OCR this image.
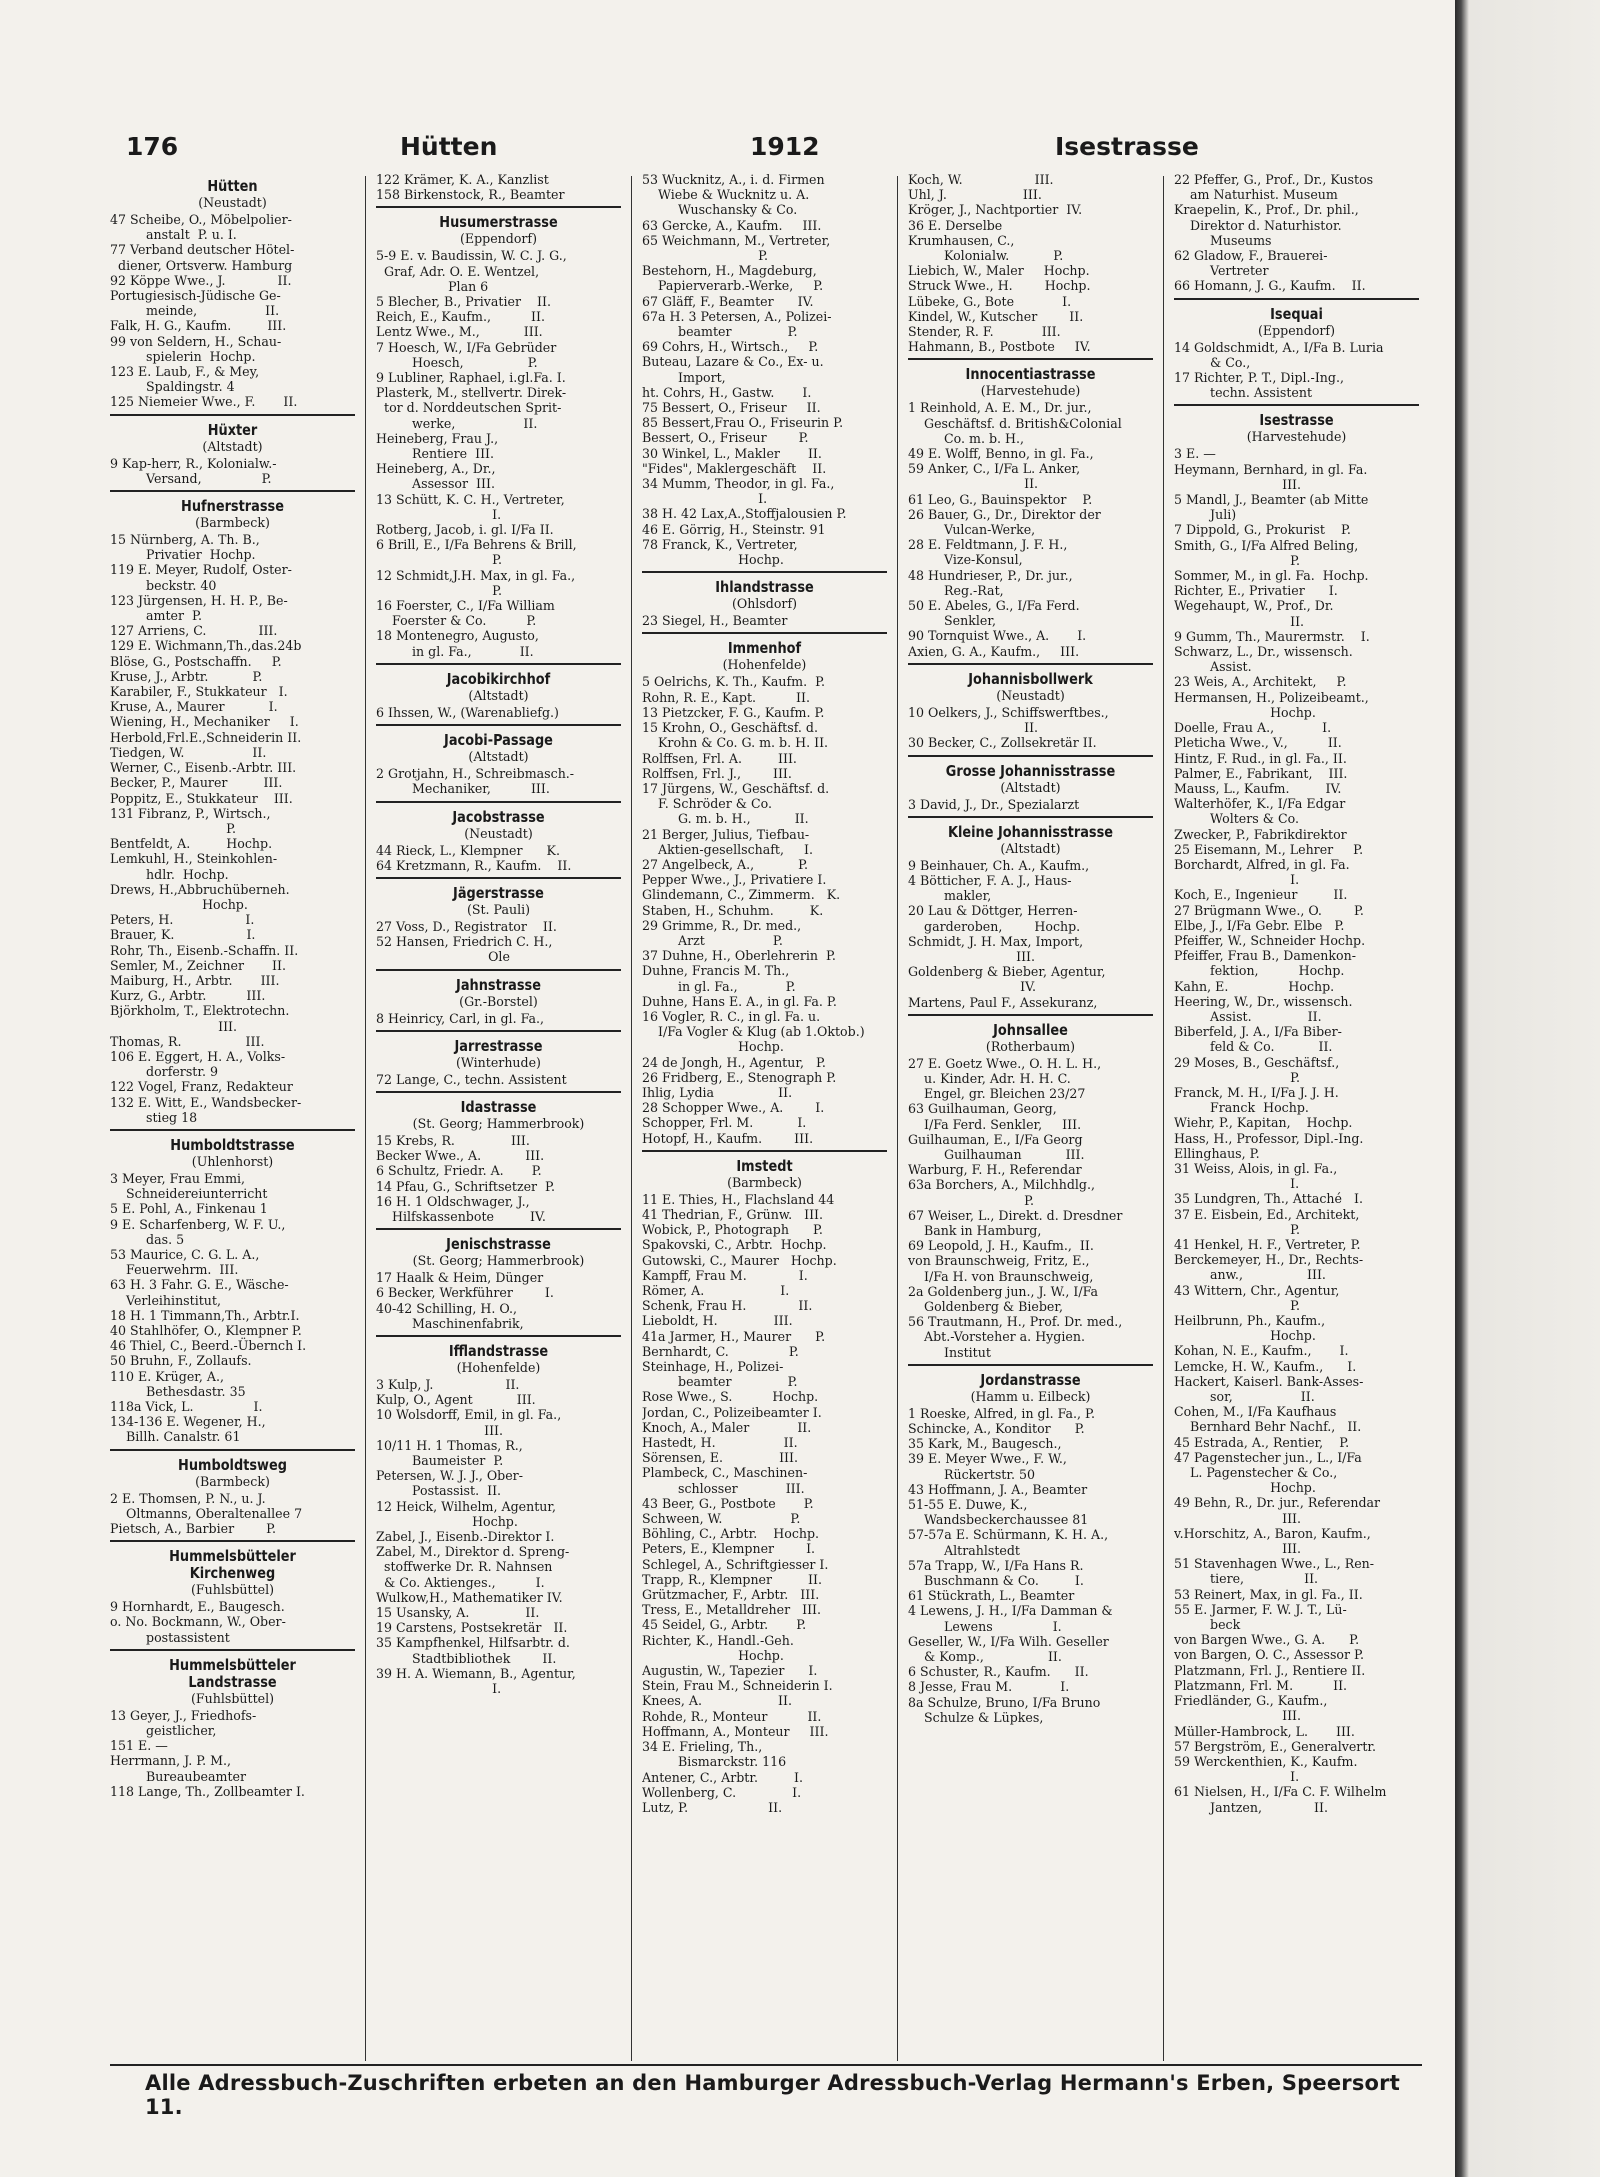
176	Hütten	1912	Isestrasse
Hütten
(Neustadt)
47 Scheibe, O., Möbelpolier-
anstalt  P. u. I.
77 Verband deutscher Hötel-
diener, Ortsverw. Hamburg
92 Köppe Wwe., J.             II.
Portugiesisch-Jüdische Ge-
meinde,                 II.
Falk, H. G., Kaufm.         III.
99 von Seldern, H., Schau-
spielerin  Hochp.
123 E. Laub, F., & Mey,
Spaldingstr. 4
125 Niemeier Wwe., F.       II.
Hüxter
(Altstadt)
9 Kap-herr, R., Kolonialw.-
Versand,               P.
Hufnerstrasse
(Barmbeck)
15 Nürnberg, A. Th. B.,
Privatier  Hochp.
119 E. Meyer, Rudolf, Oster-
beckstr. 40
123 Jürgensen, H. H. P., Be-
amter  P.
127 Arriens, C.             III.
129 E. Wichmann,Th.,das.24b
Blöse, G., Postschaffn.     P.
Kruse, J., Arbtr.           P.
Karabiler, F., Stukkateur   I.
Kruse, A., Maurer           I.
Wiening, H., Mechaniker     I.
Herbold,Frl.E.,Schneiderin II.
Tiedgen, W.                 II.
Werner, C., Eisenb.-Arbtr. III.
Becker, P., Maurer         III.
Poppitz, E., Stukkateur    III.
131 Fibranz, P., Wirtsch.,
P.
Bentfeldt, A.         Hochp.
Lemkuhl, H., Steinkohlen-
hdlr.  Hochp.
Drews, H.,Abbruchüberneh.
Hochp.
Peters, H.                  I.
Brauer, K.                  I.
Rohr, Th., Eisenb.-Schaffn. II.
Semler, M., Zeichner       II.
Maiburg, H., Arbtr.       III.
Kurz, G., Arbtr.          III.
Björkholm, T., Elektrotechn.
III.
Thomas, R.                III.
106 E. Eggert, H. A., Volks-
dorferstr. 9
122 Vogel, Franz, Redakteur
132 E. Witt, E., Wandsbecker-
stieg 18
Humboldtstrasse
(Uhlenhorst)
3 Meyer, Frau Emmi,
Schneidereiunterricht
5 E. Pohl, A., Finkenau 1
9 E. Scharfenberg, W. F. U.,
das. 5
53 Maurice, C. G. L. A.,
Feuerwehrm.  III.
63 H. 3 Fahr. G. E., Wäsche-
Verleihinstitut,
18 H. 1 Timmann,Th., Arbtr.I.
40 Stahlhöfer, O., Klempner P.
46 Thiel, C., Beerd.-Übernch I.
50 Bruhn, F., Zollaufs.
110 E. Krüger, A.,
Bethesdastr. 35
118a Vick, L.               I.
134-136 E. Wegener, H.,
Billh. Canalstr. 61
Humboldtsweg
(Barmbeck)
2 E. Thomsen, P. N., u. J.
Oltmanns, Oberaltenallee 7
Pietsch, A., Barbier        P.
Hummelsbütteler Kirchenweg
(Fuhlsbüttel)
9 Hornhardt, E., Baugesch.
o. No. Bockmann, W., Ober-
postassistent
Hummelsbütteler Landstrasse
(Fuhlsbüttel)
13 Geyer, J., Friedhofs-
geistlicher,
151 E. —
Herrmann, J. P. M.,
Bureaubeamter
118 Lange, Th., Zollbeamter I.
122 Krämer, K. A., Kanzlist
158 Birkenstock, R., Beamter
Husumerstrasse
(Eppendorf)
5-9 E. v. Baudissin, W. C. J. G.,
Graf, Adr. O. E. Wentzel,
Plan 6
5 Blecher, B., Privatier    II.
Reich, E., Kaufm.,          II.
Lentz Wwe., M.,           III.
7 Hoesch, W., I/Fa Gebrüder
Hoesch,                P.
9 Lubliner, Raphael, i.gl.Fa. I.
Plasterk, M., stellvertr. Direk-
tor d. Norddeutschen Sprit-
werke,                 II.
Heineberg, Frau J.,
Rentiere  III.
Heineberg, A., Dr.,
Assessor  III.
13 Schütt, K. C. H., Vertreter,
I.
Rotberg, Jacob, i. gl. I/Fa II.
6 Brill, E., I/Fa Behrens & Brill,
P.
12 Schmidt,J.H. Max, in gl. Fa.,
P.
16 Foerster, C., I/Fa William
Foerster & Co.          P.
18 Montenegro, Augusto,
in gl. Fa.,            II.
Jacobikirchhof
(Altstadt)
6 Ihssen, W., (Warenabliefg.)
Jacobi-Passage
(Altstadt)
2 Grotjahn, H., Schreibmasch.-
Mechaniker,          III.
Jacobstrasse
(Neustadt)
44 Rieck, L., Klempner      K.
64 Kretzmann, R., Kaufm.    II.
Jägerstrasse
(St. Pauli)
27 Voss, D., Registrator    II.
52 Hansen, Friedrich C. H.,
Ole
Jahnstrasse
(Gr.-Borstel)
8 Heinricy, Carl, in gl. Fa.,
Jarrestrasse
(Winterhude)
72 Lange, C., techn. Assistent
Idastrasse
(St. Georg; Hammerbrook)
15 Krebs, R.              III.
Becker Wwe., A.           III.
6 Schultz, Friedr. A.       P.
14 Pfau, G., Schriftsetzer  P.
16 H. 1 Oldschwager, J.,
Hilfskassenbote         IV.
Jenischstrasse
(St. Georg; Hammerbrook)
17 Haalk & Heim, Dünger
6 Becker, Werkführer        I.
40-42 Schilling, H. O.,
Maschinenfabrik,
Ifflandstrasse
(Hohenfelde)
3 Kulp, J.                  II.
Kulp, O., Agent           III.
10 Wolsdorff, Emil, in gl. Fa.,
III.
10/11 H. 1 Thomas, R.,
Baumeister  P.
Petersen, W. J. J., Ober-
Postassist.  II.
12 Heick, Wilhelm, Agentur,
Hochp.
Zabel, J., Eisenb.-Direktor I.
Zabel, M., Direktor d. Spreng-
stoffwerke Dr. R. Nahnsen
& Co. Aktienges.,          I.
Wulkow,H., Mathematiker IV.
15 Usansky, A.              II.
19 Carstens, Postsekretär   II.
35 Kampfhenkel, Hilfsarbtr. d.
Stadtbibliothek        II.
39 H. A. Wiemann, B., Agentur,
I.
53 Wucknitz, A., i. d. Firmen
Wiebe & Wucknitz u. A.
Wuschansky & Co.
63 Gercke, A., Kaufm.     III.
65 Weichmann, M., Vertreter,
P.
Bestehorn, H., Magdeburg,
Papierverarb.-Werke,     P.
67 Gläff, F., Beamter      IV.
67a H. 3 Petersen, A., Polizei-
beamter              P.
69 Cohrs, H., Wirtsch.,     P.
Buteau, Lazare & Co., Ex- u.
Import,
ht. Cohrs, H., Gastw.       I.
75 Bessert, O., Friseur     II.
85 Bessert,Frau O., Friseurin P.
Bessert, O., Friseur        P.
30 Winkel, L., Makler       II.
"Fides", Maklergeschäft    II.
34 Mumm, Theodor, in gl. Fa.,
I.
38 H. 42 Lax,A.,Stoffjalousien P.
46 E. Görrig, H., Steinstr. 91
78 Franck, K., Vertreter,
Hochp.
Ihlandstrasse
(Ohlsdorf)
23 Siegel, H., Beamter
Immenhof
(Hohenfelde)
5 Oelrichs, K. Th., Kaufm.  P.
Rohn, R. E., Kapt.          II.
13 Pietzcker, F. G., Kaufm. P.
15 Krohn, O., Geschäftsf. d.
Krohn & Co. G. m. b. H. II.
Rolffsen, Frl. A.         III.
Rolffsen, Frl. J.,        III.
17 Jürgens, W., Geschäftsf. d.
F. Schröder & Co.
G. m. b. H.,           II.
21 Berger, Julius, Tiefbau-
Aktien-gesellschaft,     I.
27 Angelbeck, A.,           P.
Pepper Wwe., J., Privatiere I.
Glindemann, C., Zimmerm.   K.
Staben, H., Schuhm.         K.
29 Grimme, R., Dr. med.,
Arzt                 P.
37 Duhne, H., Oberlehrerin  P.
Duhne, Francis M. Th.,
in gl. Fa.,            P.
Duhne, Hans E. A., in gl. Fa. P.
16 Vogler, R. C., in gl. Fa. u.
I/Fa Vogler & Klug (ab 1.Oktob.)
Hochp.
24 de Jongh, H., Agentur,   P.
26 Fridberg, E., Stenograph P.
Ihlig, Lydia                II.
28 Schopper Wwe., A.        I.
Schopper, Frl. M.           I.
Hotopf, H., Kaufm.        III.
Imstedt
(Barmbeck)
11 E. Thies, H., Flachsland 44
41 Thedrian, F., Grünw.   III.
Wobick, P., Photograph      P.
Spakovski, C., Arbtr.  Hochp.
Gutowski, C., Maurer   Hochp.
Kampff, Frau M.             I.
Römer, A.                   I.
Schenk, Frau H.             II.
Lieboldt, H.              III.
41a Jarmer, H., Maurer      P.
Bernhardt, C.               P.
Steinhage, H., Polizei-
beamter              P.
Rose Wwe., S.          Hochp.
Jordan, C., Polizeibeamter I.
Knoch, A., Maler            II.
Hastedt, H.                 II.
Sörensen, E.              III.
Plambeck, C., Maschinen-
schlosser            III.
43 Beer, G., Postbote       P.
Schween, W.                 P.
Böhling, C., Arbtr.    Hochp.
Peters, E., Klempner        I.
Schlegel, A., Schriftgiesser I.
Trapp, R., Klempner         II.
Grützmacher, F., Arbtr.   III.
Tress, E., Metalldreher   III.
45 Seidel, G., Arbtr.       P.
Richter, K., Handl.-Geh.
Hochp.
Augustin, W., Tapezier      I.
Stein, Frau M., Schneiderin I.
Knees, A.                   II.
Rohde, R., Monteur          II.
Hoffmann, A., Monteur     III.
34 E. Frieling, Th.,
Bismarckstr. 116
Antener, C., Arbtr.         I.
Wollenberg, C.              I.
Lutz, P.                    II.
Koch, W.                  III.
Uhl, J.                   III.
Kröger, J., Nachtportier  IV.
36 E. Derselbe
Krumhausen, C.,
Kolonialw.           P.
Liebich, W., Maler     Hochp.
Struck Wwe., H.        Hochp.
Lübeke, G., Bote            I.
Kindel, W., Kutscher        II.
Stender, R. F.            III.
Hahmann, B., Postbote     IV.
Innocentiastrasse
(Harvestehude)
1 Reinhold, A. E. M., Dr. jur.,
Geschäftsf. d. British&Colonial
Co. m. b. H.,
49 E. Wolff, Benno, in gl. Fa.,
59 Anker, C., I/Fa L. Anker,
II.
61 Leo, G., Bauinspektor    P.
26 Bauer, G., Dr., Direktor der
Vulcan-Werke,
28 E. Feldtmann, J. F. H.,
Vize-Konsul,
48 Hundrieser, P., Dr. jur.,
Reg.-Rat,
50 E. Abeles, G., I/Fa Ferd.
Senkler,
90 Tornquist Wwe., A.       I.
Axien, G. A., Kaufm.,     III.
Johannisbollwerk
(Neustadt)
10 Oelkers, J., Schiffswerftbes.,
II.
30 Becker, C., Zollsekretär II.
Grosse Johannisstrasse
(Altstadt)
3 David, J., Dr., Spezialarzt
Kleine Johannisstrasse
(Altstadt)
9 Beinhauer, Ch. A., Kaufm.,
4 Bötticher, F. A. J., Haus-
makler,
20 Lau & Döttger, Herren-
garderoben,        Hochp.
Schmidt, J. H. Max, Import,
III.
Goldenberg & Bieber, Agentur,
IV.
Martens, Paul F., Assekuranz,
Johnsallee
(Rotherbaum)
27 E. Goetz Wwe., O. H. L. H.,
u. Kinder, Adr. H. H. C.
Engel, gr. Bleichen 23/27
63 Guilhauman, Georg,
I/Fa Ferd. Senkler,     III.
Guilhauman, E., I/Fa Georg
Guilhauman           III.
Warburg, F. H., Referendar
63a Borchers, A., Milchhdlg.,
P.
67 Weiser, L., Direkt. d. Dresdner
Bank in Hamburg,
69 Leopold, J. H., Kaufm.,  II.
von Braunschweig, Fritz, E.,
I/Fa H. von Braunschweig,
2a Goldenberg jun., J. W., I/Fa
Goldenberg & Bieber,
56 Trautmann, H., Prof. Dr. med.,
Abt.-Vorsteher a. Hygien.
Institut
Jordanstrasse
(Hamm u. Eilbeck)
1 Roeske, Alfred, in gl. Fa., P.
Schincke, A., Konditor      P.
35 Kark, M., Baugesch.,
39 E. Meyer Wwe., F. W.,
Rückertstr. 50
43 Hoffmann, J. A., Beamter
51-55 E. Duwe, K.,
Wandsbeckerchaussee 81
57-57a E. Schürmann, K. H. A.,
Altrahlstedt
57a Trapp, W., I/Fa Hans R.
Buschmann & Co.         I.
61 Stückrath, L., Beamter
4 Lewens, J. H., I/Fa Damman &
Lewens               I.
Geseller, W., I/Fa Wilh. Geseller
& Komp.,                II.
6 Schuster, R., Kaufm.      II.
8 Jesse, Frau M.            I.
8a Schulze, Bruno, I/Fa Bruno
Schulze & Lüpkes,
22 Pfeffer, G., Prof., Dr., Kustos
am Naturhist. Museum
Kraepelin, K., Prof., Dr. phil.,
Direktor d. Naturhistor.
Museums
62 Gladow, F., Brauerei-
Vertreter
66 Homann, J. G., Kaufm.    II.
Isequai
(Eppendorf)
14 Goldschmidt, A., I/Fa B. Luria
& Co.,
17 Richter, P. T., Dipl.-Ing.,
techn. Assistent
Isestrasse
(Harvestehude)
3 E. —
Heymann, Bernhard, in gl. Fa.
III.
5 Mandl, J., Beamter (ab Mitte
Juli)
7 Dippold, G., Prokurist    P.
Smith, G., I/Fa Alfred Beling,
P.
Sommer, M., in gl. Fa.  Hochp.
Richter, E., Privatier      I.
Wegehaupt, W., Prof., Dr.
II.
9 Gumm, Th., Maurermstr.    I.
Schwarz, L., Dr., wissensch.
Assist.
23 Weis, A., Architekt,     P.
Hermansen, H., Polizeibeamt.,
Hochp.
Doelle, Frau A.,            I.
Pleticha Wwe., V.,          II.
Hintz, F. Rud., in gl. Fa., II.
Palmer, E., Fabrikant,    III.
Mauss, L., Kaufm.         IV.
Walterhöfer, K., I/Fa Edgar
Wolters & Co.
Zwecker, P., Fabrikdirektor
25 Eisemann, M., Lehrer     P.
Borchardt, Alfred, in gl. Fa.
I.
Koch, E., Ingenieur         II.
27 Brügmann Wwe., O.        P.
Elbe, J., I/Fa Gebr. Elbe   P.
Pfeiffer, W., Schneider Hochp.
Pfeiffer, Frau B., Damenkon-
fektion,          Hochp.
Kahn, E.               Hochp.
Heering, W., Dr., wissensch.
Assist.              II.
Biberfeld, J. A., I/Fa Biber-
feld & Co.           II.
29 Moses, B., Geschäftsf.,
P.
Franck, M. H., I/Fa J. J. H.
Franck  Hochp.
Wiehr, P., Kapitan,    Hochp.
Hass, H., Professor, Dipl.-Ing.
Ellinghaus, P.
31 Weiss, Alois, in gl. Fa.,
I.
35 Lundgren, Th., Attaché   I.
37 E. Eisbein, Ed., Architekt,
P.
41 Henkel, H. F., Vertreter, P.
Berckemeyer, H., Dr., Rechts-
anw.,                III.
43 Wittern, Chr., Agentur,
P.
Heilbrunn, Ph., Kaufm.,
Hochp.
Kohan, N. E., Kaufm.,       I.
Lemcke, H. W., Kaufm.,      I.
Hackert, Kaiserl. Bank-Asses-
sor,                 II.
Cohen, M., I/Fa Kaufhaus
Bernhard Behr Nachf.,   II.
45 Estrada, A., Rentier,    P.
47 Pagenstecher jun., L., I/Fa
L. Pagenstecher & Co.,
Hochp.
49 Behn, R., Dr. jur., Referendar
III.
v.Horschitz, A., Baron, Kaufm.,
III.
51 Stavenhagen Wwe., L., Ren-
tiere,               II.
53 Reinert, Max, in gl. Fa., II.
55 E. Jarmer, F. W. J. T., Lü-
beck
von Bargen Wwe., G. A.      P.
von Bargen, O. C., Assessor P.
Platzmann, Frl. J., Rentiere II.
Platzmann, Frl. M.          II.
Friedländer, G., Kaufm.,
III.
Müller-Hambrock, L.       III.
57 Bergström, E., Generalvertr.
59 Werckenthien, K., Kaufm.
I.
61 Nielsen, H., I/Fa C. F. Wilhelm
Jantzen,             II.
Alle Adressbuch-Zuschriften erbeten an den Hamburger Adressbuch-Verlag Hermann's Erben, Speersort 11.
